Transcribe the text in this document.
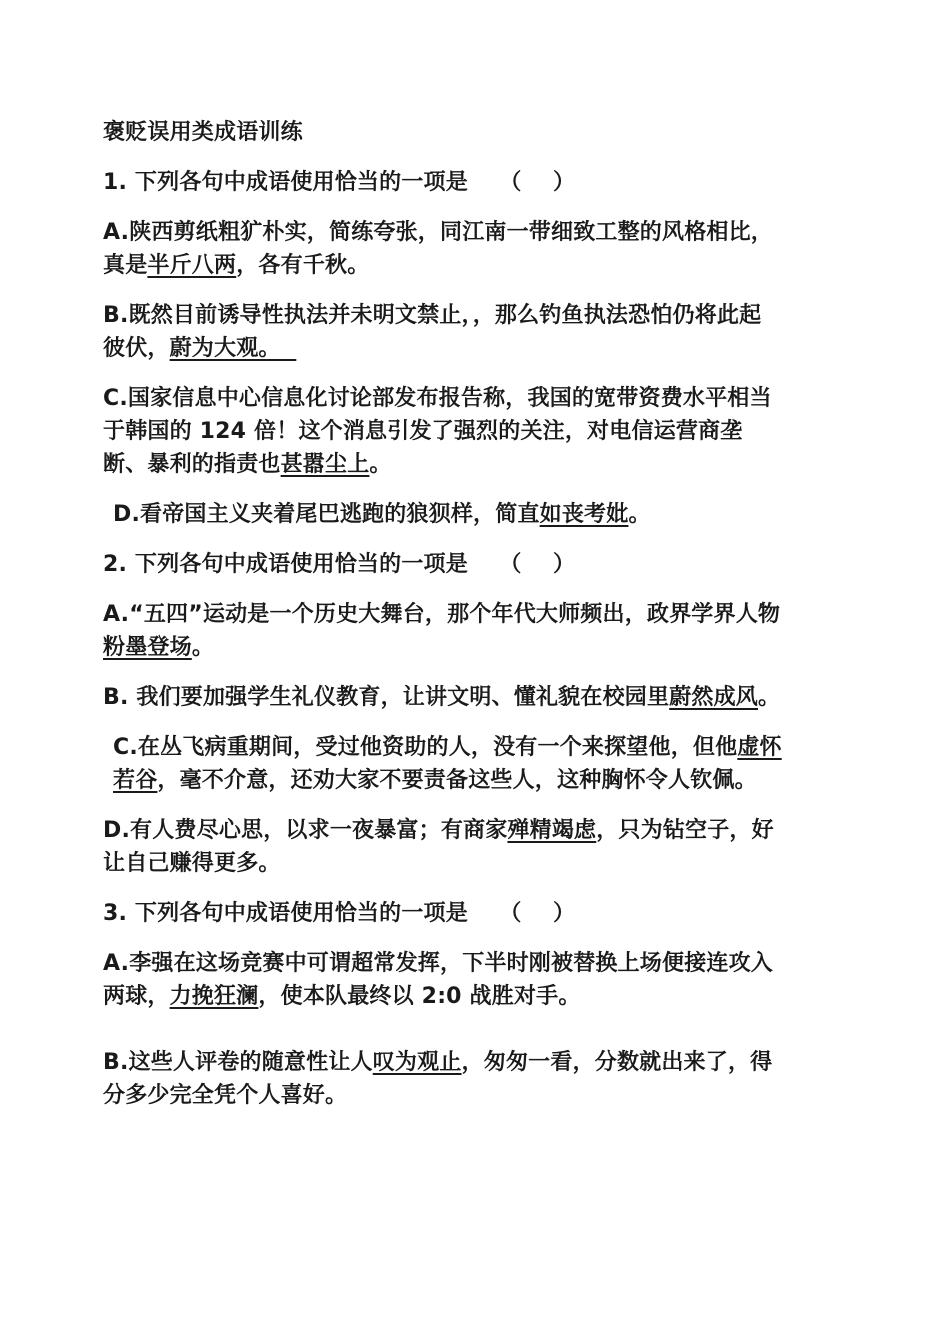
褒贬误用类成语训练

1. 下列各句中成语使用恰当的一项是    （    ）

A.陕西剪纸粗犷朴实，简练夸张，同江南一带细致工整的风格相比，真是半斤八两，各有千秋。

B.既然目前诱导性执法并未明文禁止，，那么钓鱼执法恐怕仍将此起彼伏，蔚为大观。

C.国家信息中心信息化讨论部发布报告称，我国的宽带资费水平相当于韩国的 124 倍！这个消息引发了强烈的关注，对电信运营商垄断、暴利的指责也甚嚣尘上。

D.看帝国主义夹着尾巴逃跑的狼狈样，简直如丧考妣。

2. 下列各句中成语使用恰当的一项是    （    ）

A.“五四”运动是一个历史大舞台，那个年代大师频出，政界学界人物粉墨登场。

B. 我们要加强学生礼仪教育，让讲文明、懂礼貌在校园里蔚然成风。

C.在丛飞病重期间，受过他资助的人，没有一个来探望他，但他虚怀若谷，毫不介意，还劝大家不要责备这些人，这种胸怀令人钦佩。

D.有人费尽心思，以求一夜暴富；有商家殚精竭虑，只为钻空子，好让自己赚得更多。

3. 下列各句中成语使用恰当的一项是    （    ）

A.李强在这场竞赛中可谓超常发挥，下半时刚被替换上场便接连攻入两球，力挽狂澜，使本队最终以 2:0 战胜对手。

B.这些人评卷的随意性让人叹为观止，匆匆一看，分数就出来了，得分多少完全凭个人喜好。
